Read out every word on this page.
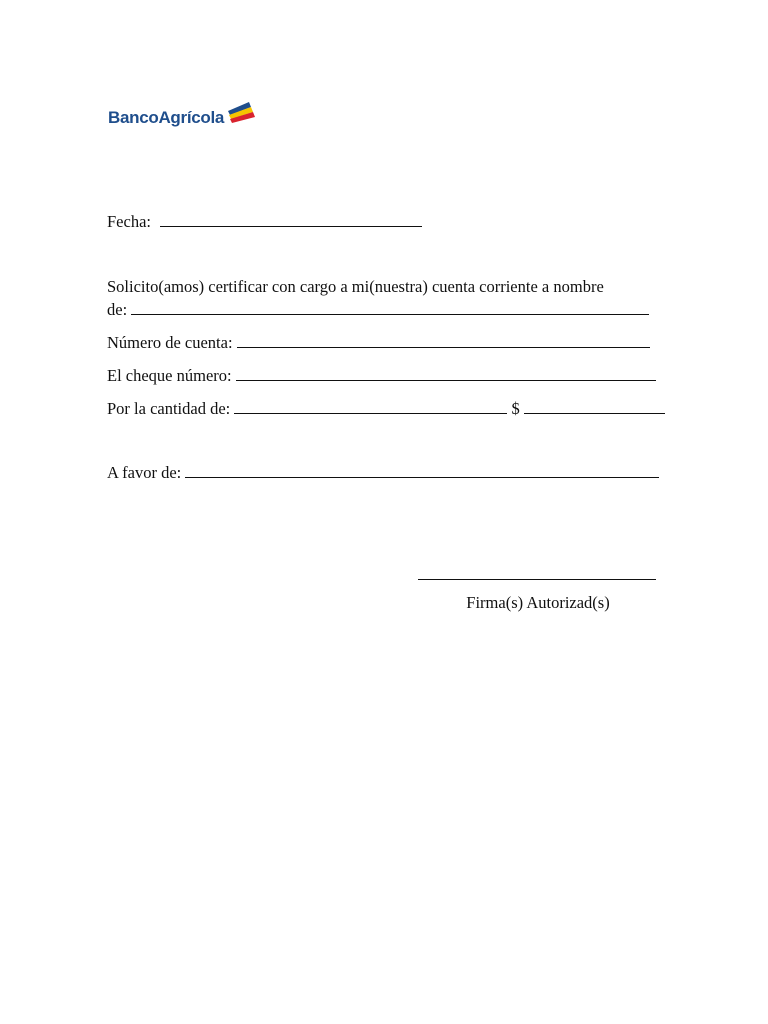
BancoAgrícola
Fecha:
Solicito(amos) certificar con cargo a mi(nuestra) cuenta corriente a nombre
de:
Número de cuenta:
El cheque número:
Por la cantidad de:	$
A favor de:
Firma(s) Autorizad(s)
